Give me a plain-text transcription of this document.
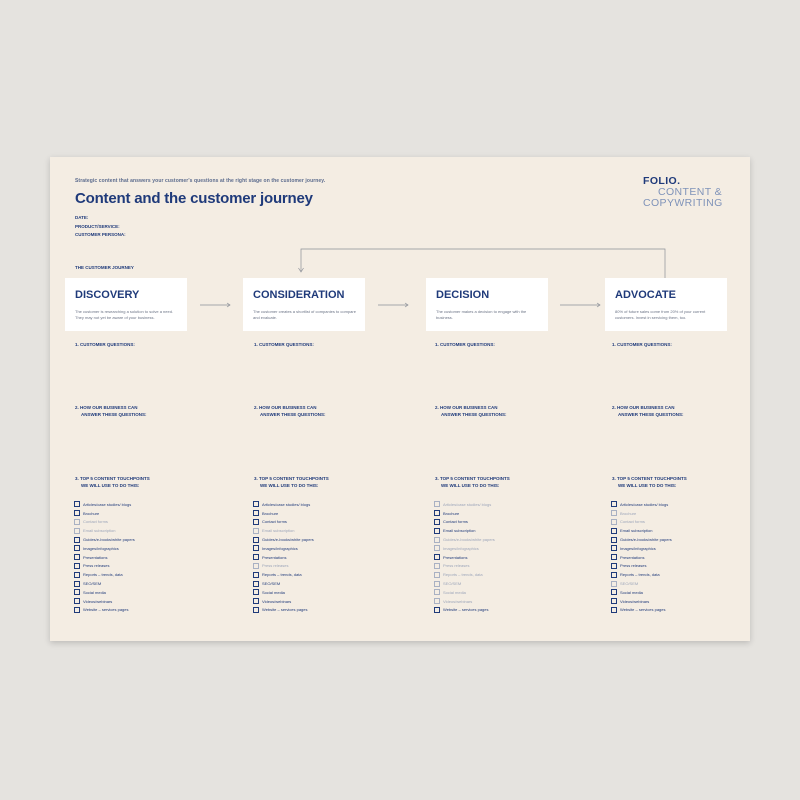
Strategic content that answers your customer's questions at the right stage on the customer journey.
Content and the customer journey
DATE:
PRODUCT/SERVICE:
CUSTOMER PERSONA:
FOLIO.
CONTENT &
COPYWRITING
THE CUSTOMER JOURNEY
DISCOVERY
The customer is researching a solution to solve a need. They may not yet be aware of your business.
CONSIDERATION
The customer creates a shortlist of companies to compare and evaluate.
DECISION
The customer makes a decision to engage with the business.
ADVOCATE
80% of future sales come from 20% of your current customers. Invest in servicing them, too.
1. CUSTOMER QUESTIONS:
2. HOW OUR BUSINESS CAN
ANSWER THESE QUESTIONS:
3. TOP 5 CONTENT TOUCHPOINTS
WE WILL USE TO DO THIS:
1. CUSTOMER QUESTIONS:
2. HOW OUR BUSINESS CAN
ANSWER THESE QUESTIONS:
3. TOP 5 CONTENT TOUCHPOINTS
WE WILL USE TO DO THIS:
1. CUSTOMER QUESTIONS:
2. HOW OUR BUSINESS CAN
ANSWER THESE QUESTIONS:
3. TOP 5 CONTENT TOUCHPOINTS
WE WILL USE TO DO THIS:
1. CUSTOMER QUESTIONS:
2. HOW OUR BUSINESS CAN
ANSWER THESE QUESTIONS:
3. TOP 5 CONTENT TOUCHPOINTS
WE WILL USE TO DO THIS:
Articles/case studies/ blogs
Brochure
Contact forms
Email subscription
Guides/e-books/white papers
Images/infographics
Presentations
Press releases
Reports – trends, data
SEO/SEM
Social media
Videos/webinars
Website – services pages
Articles/case studies/ blogs
Brochure
Contact forms
Email subscription
Guides/e-books/white papers
Images/infographics
Presentations
Press releases
Reports – trends, data
SEO/SEM
Social media
Videos/webinars
Website – services pages
Articles/case studies/ blogs
Brochure
Contact forms
Email subscription
Guides/e-books/white papers
Images/infographics
Presentations
Press releases
Reports – trends, data
SEO/SEM
Social media
Videos/webinars
Website – services pages
Articles/case studies/ blogs
Brochure
Contact forms
Email subscription
Guides/e-books/white papers
Images/infographics
Presentations
Press releases
Reports – trends, data
SEO/SEM
Social media
Videos/webinars
Website – services pages
